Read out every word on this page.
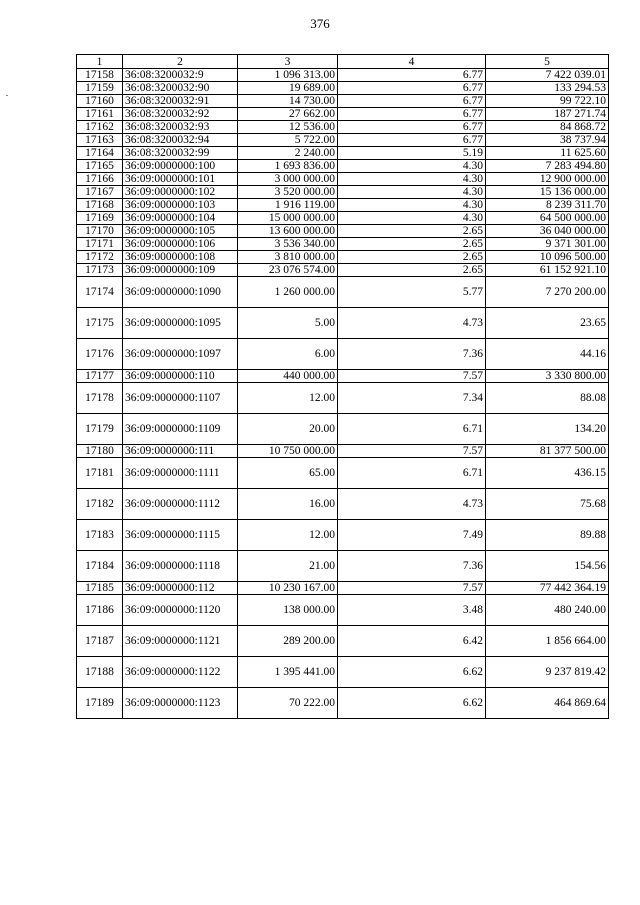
376
1	2	3	4	5
17158	36:08:3200032:9	1 096 313.00	6.77	7 422 039.01
17159	36:08:3200032:90	19 689.00	6.77	133 294.53
17160	36:08:3200032:91	14 730.00	6.77	99 722.10
17161	36:08:3200032:92	27 662.00	6.77	187 271.74
17162	36:08:3200032:93	12 536.00	6.77	84 868.72
17163	36:08:3200032:94	5 722.00	6.77	38 737.94
17164	36:08:3200032:99	2 240.00	5.19	11 625.60
17165	36:09:0000000:100	1 693 836.00	4.30	7 283 494.80
17166	36:09:0000000:101	3 000 000.00	4.30	12 900 000.00
17167	36:09:0000000:102	3 520 000.00	4.30	15 136 000.00
17168	36:09:0000000:103	1 916 119.00	4.30	8 239 311.70
17169	36:09:0000000:104	15 000 000.00	4.30	64 500 000.00
17170	36:09:0000000:105	13 600 000.00	2.65	36 040 000.00
17171	36:09:0000000:106	3 536 340.00	2.65	9 371 301.00
17172	36:09:0000000:108	3 810 000.00	2.65	10 096 500.00
17173	36:09:0000000:109	23 076 574.00	2.65	61 152 921.10
17174	36:09:0000000:1090	1 260 000.00	5.77	7 270 200.00
17175	36:09:0000000:1095	5.00	4.73	23.65
17176	36:09:0000000:1097	6.00	7.36	44.16
17177	36:09:0000000:110	440 000.00	7.57	3 330 800.00
17178	36:09:0000000:1107	12.00	7.34	88.08
17179	36:09:0000000:1109	20.00	6.71	134.20
17180	36:09:0000000:111	10 750 000.00	7.57	81 377 500.00
17181	36:09:0000000:1111	65.00	6.71	436.15
17182	36:09:0000000:1112	16.00	4.73	75.68
17183	36:09:0000000:1115	12.00	7.49	89.88
17184	36:09:0000000:1118	21.00	7.36	154.56
17185	36:09:0000000:112	10 230 167.00	7.57	77 442 364.19
17186	36:09:0000000:1120	138 000.00	3.48	480 240.00
17187	36:09:0000000:1121	289 200.00	6.42	1 856 664.00
17188	36:09:0000000:1122	1 395 441.00	6.62	9 237 819.42
17189	36:09:0000000:1123	70 222.00	6.62	464 869.64
